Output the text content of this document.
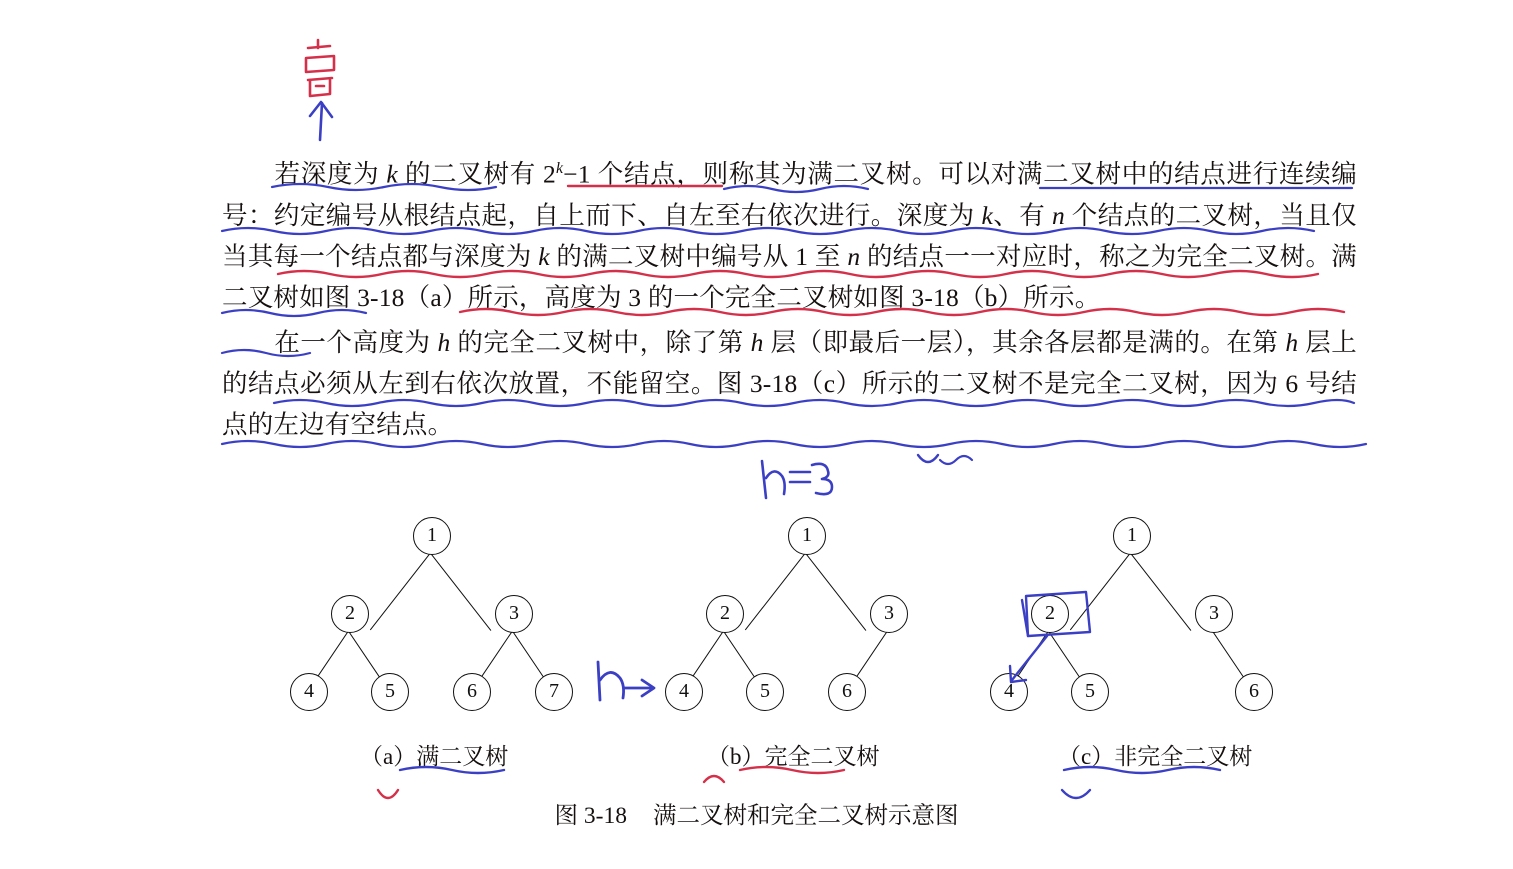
若深度为 k 的二叉树有 $2^k-1$ 个结点，则称其为满二叉树。可以对满二叉树中的结点进行连续编号：约定编号从根结点起，自上而下、自左至右依次进行。深度为 k、有 n 个结点的二叉树，当且仅当其每一个结点都与深度为 k 的满二叉树中编号从 1 至 n 的结点一一对应时，称之为完全二叉树。满二叉树如图 3-18（a）所示，高度为 3 的一个完全二叉树如图 3-18（b）所示。

在一个高度为 h 的完全二叉树中，除了第 h 层（即最后一层），其余各层都是满的。在第 h 层上的结点必须从左到右依次放置，不能留空。图 3-18（c）所示的二叉树不是完全二叉树，因为 6 号结点的左边有空结点。

1
2	3
4	5	6	7
（a）满二叉树
1
2	3
4	5	6
（b）完全二叉树
1
2	3
4	5	6
（c）非完全二叉树
图 3-18 满二叉树和完全二叉树示意图
